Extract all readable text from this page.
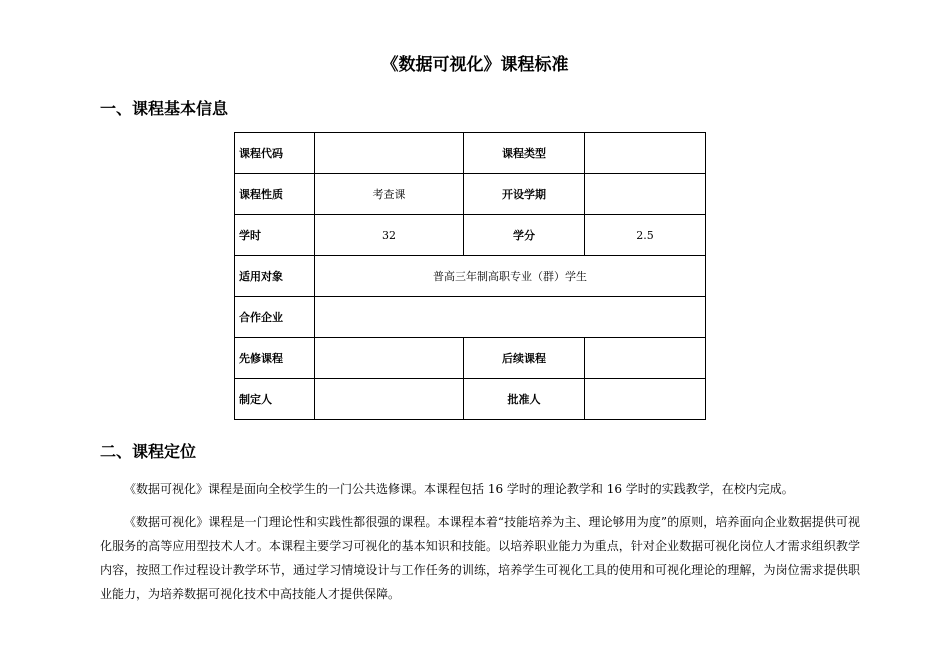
《数据可视化》课程标准
一、课程基本信息
课程代码		课程类型	
课程性质	考查课	开设学期	
学时	32	学分	2.5
适用对象	普高三年制高职专业（群）学生		
合作企业			
先修课程		后续课程	
制定人		批准人	
二、课程定位

《数据可视化》课程是面向全校学生的一门公共选修课。本课程包括 16 学时的理论教学和 16 学时的实践教学，在校内完成。

《数据可视化》课程是一门理论性和实践性都很强的课程。本课程本着“技能培养为主、理论够用为度”的原则，培养面向企业数据提供可视化服务的高等应用型技术人才。本课程主要学习可视化的基本知识和技能。以培养职业能力为重点，针对企业数据可视化岗位人才需求组织教学内容，按照工作过程设计教学环节，通过学习情境设计与工作任务的训练，培养学生可视化工具的使用和可视化理论的理解，为岗位需求提供职业能力，为培养数据可视化技术中高技能人才提供保障。
